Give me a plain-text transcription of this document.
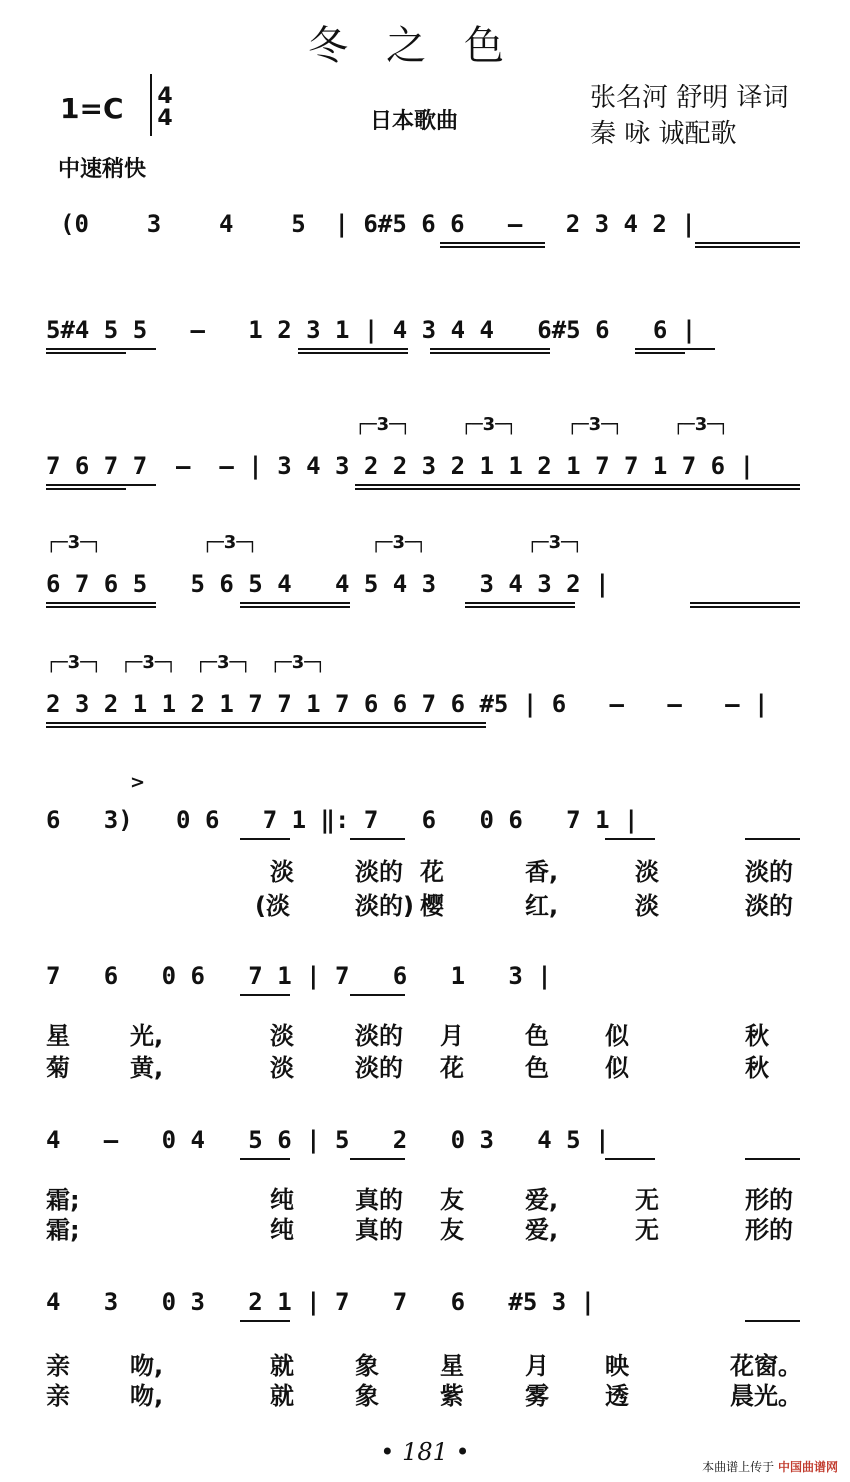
冬之色
1=C	4
4	日本歌曲
张名河 舒明 译词
秦 咏 诚配歌
中速稍快
(0    3    4    5  | 6#5 6 6   —   2 3 4 2 |
5#4 5 5   —   1 2 3 1 | 4 3 4 4   6#5 6   6 |
7 6 7 7  —  — | 3 4 3 2 2 3 2 1 1 2 1 7 7 1 7 6 |
┌─3─┐        ┌─3─┐        ┌─3─┐        ┌─3─┐
6 7 6 5   5 6 5 4   4 5 4 3   3 4 3 2 |
┌─3─┐                ┌─3─┐                  ┌─3─┐                ┌─3─┐
2 3 2 1 1 2 1 7 7 1 7 6 6 7 6 #5 | 6   —   —   — |
┌─3─┐   ┌─3─┐   ┌─3─┐   ┌─3─┐
6   3)   0 6   7 1 ‖: 7   6   0 6   7 1 |
>
淡	淡的 花	香,	淡	淡的
(淡	淡的) 樱	红,	淡	淡的
7   6   0 6   7 1 | 7   6   1   3 |
星	光,	淡	淡的 月	色 似	秋
菊	黄,	淡	淡的 花	色 似	秋
4   —   0 4   5 6 | 5   2   0 3   4 5 |
霜;	纯	真的 友	爱,	无	形的
霜;	纯	真的 友	爱,	无	形的
4   3   0 3   2 1 | 7   7   6   #5 3 |
亲	吻,	就	象	星	月 映	花窗。
亲	吻,	就	象	紫	雾 透	晨光。
• 181 •
本曲谱上传于 中国曲谱网
